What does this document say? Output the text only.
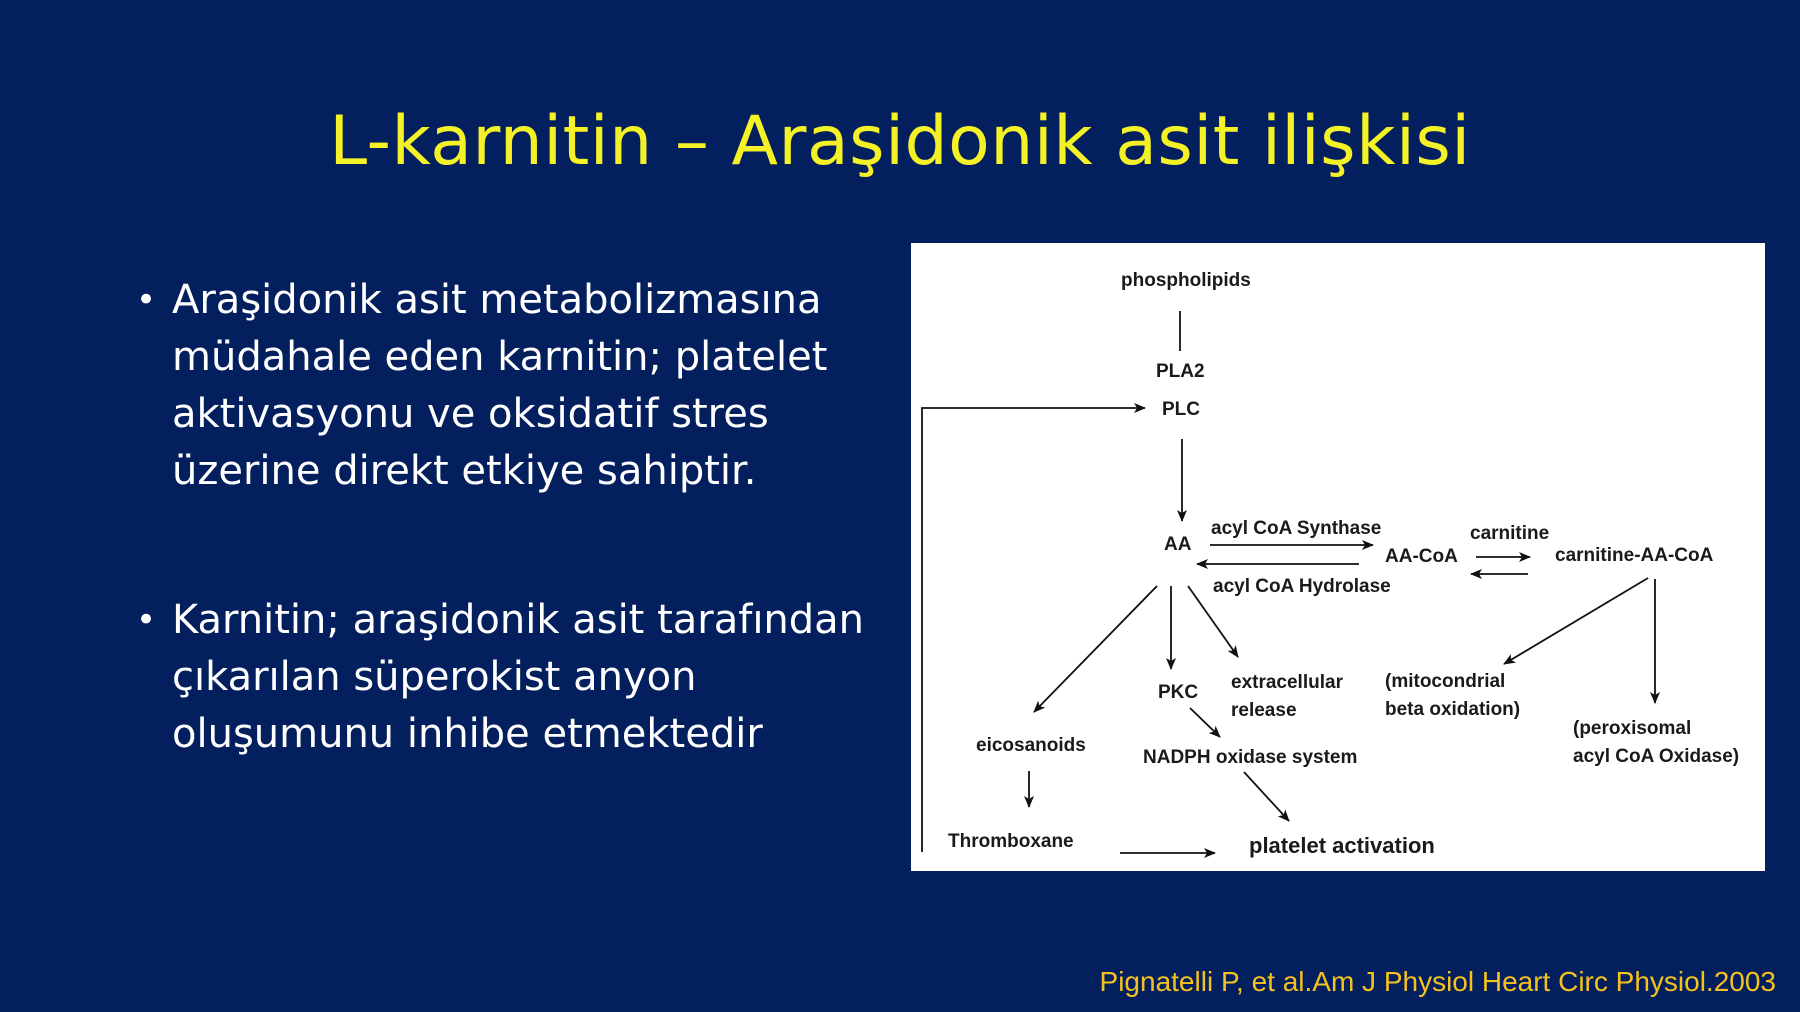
L-karnitin – Araşidonik asit ilişkisi
• Araşidonik asit metabolizmasına müdahale eden karnitin; platelet aktivasyonu ve oksidatif stres üzerine direkt etkiye sahiptir.
• Karnitin; araşidonik asit tarafından çıkarılan süperokist anyon oluşumunu inhibe etmektedir
phospholipids
PLA2
PLC
AA
acyl CoA Synthase
AA-CoA
carnitine
carnitine-AA-CoA
acyl CoA Hydrolase
PKC extracellular
release
(mitocondrial
beta oxidation)
(peroxisomal
acyl CoA Oxidase)
eicosanoids
NADPH oxidase system
Thromboxane	platelet activation
Pignatelli P, et al.Am J Physiol Heart Circ Physiol.2003
